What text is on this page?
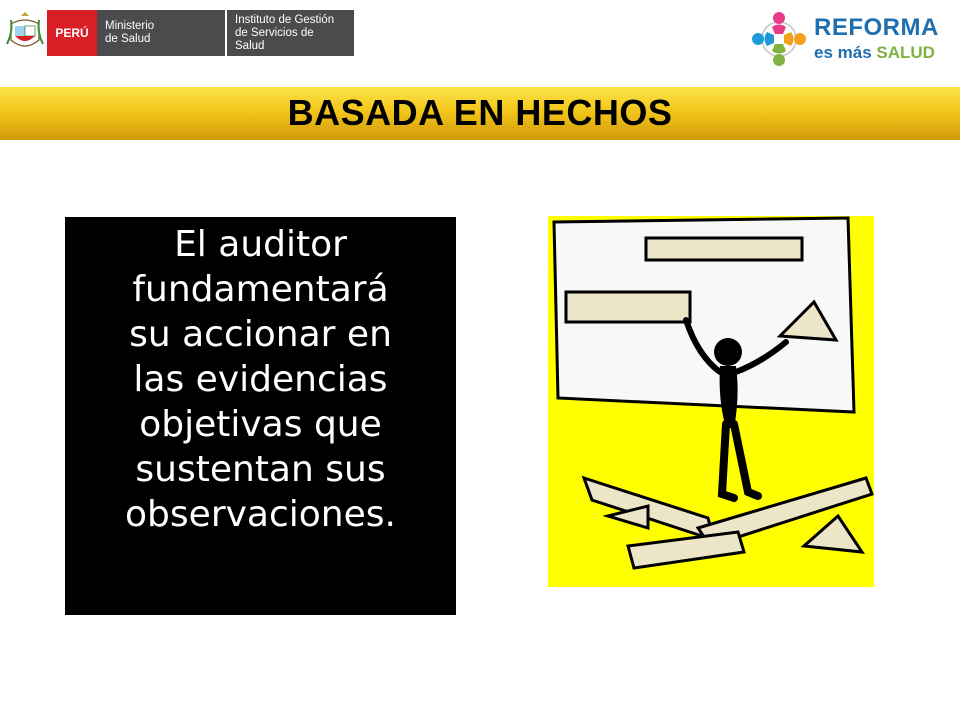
PERÚ	Ministerio
de Salud
Instituto de Gestión
de Servicios de Salud
REFORMA
es más SALUD
BASADA EN HECHOS
El auditor
fundamentará
su accionar en
las evidencias
objetivas que
sustentan sus
observaciones.
